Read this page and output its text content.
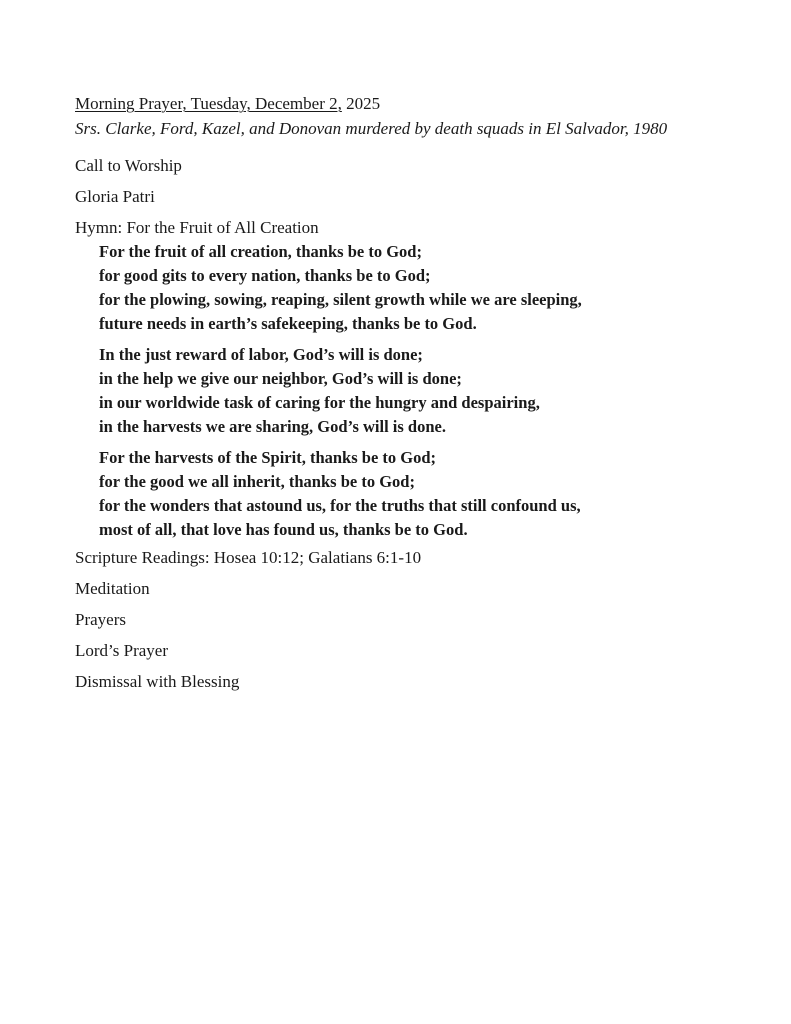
Morning Prayer, Tuesday, December 2, 2025

Srs. Clarke, Ford, Kazel, and Donovan murdered by death squads in El Salvador, 1980

Call to Worship

Gloria Patri

Hymn: For the Fruit of All Creation

For the fruit of all creation, thanks be to God;
for good gits to every nation, thanks be to God;
for the plowing, sowing, reaping, silent growth while we are sleeping,
future needs in earth’s safekeeping, thanks be to God.
In the just reward of labor, God’s will is done;
in the help we give our neighbor, God’s will is done;
in our worldwide task of caring for the hungry and despairing,
in the harvests we are sharing, God’s will is done.
For the harvests of the Spirit, thanks be to God;
for the good we all inherit, thanks be to God;
for the wonders that astound us, for the truths that still confound us,
most of all, that love has found us, thanks be to God.

Scripture Readings: Hosea 10:12; Galatians 6:1-10

Meditation

Prayers

Lord’s Prayer

Dismissal with Blessing
